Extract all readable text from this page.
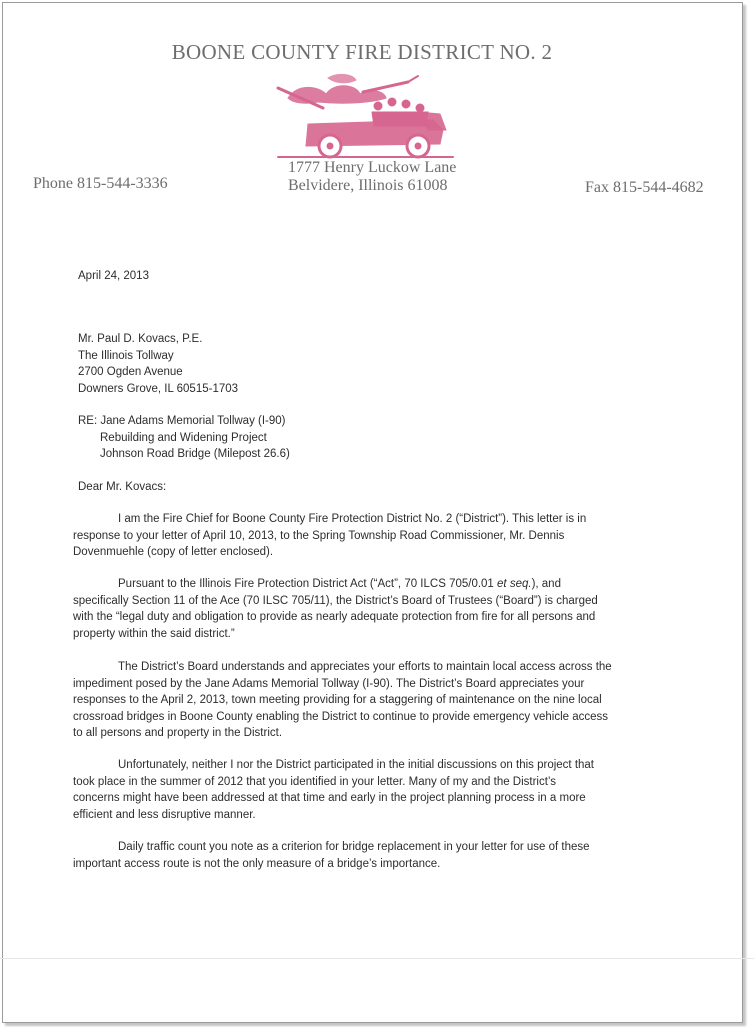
BOONE COUNTY FIRE DISTRICT NO. 2
Phone 815-544-3336
1777 Henry Luckow Lane
Belvidere, Illinois 61008	Fax 815-544-4682
April 24, 2013
Mr. Paul D. Kovacs, P.E.
The Illinois Tollway
2700 Ogden Avenue
Downers Grove, IL 60515-1703
RE: Jane Adams Memorial Tollway (I-90)
Rebuilding and Widening Project
Johnson Road Bridge (Milepost 26.6)
Dear Mr. Kovacs:
I am the Fire Chief for Boone County Fire Protection District No. 2 (“District”). This letter is in
response to your letter of April 10, 2013, to the Spring Township Road Commissioner, Mr. Dennis
Dovenmuehle (copy of letter enclosed).
Pursuant to the Illinois Fire Protection District Act (“Act”, 70 ILCS 705/0.01 et seq.), and
specifically Section 11 of the Ace (70 ILSC 705/11), the District’s Board of Trustees (“Board”) is charged
with the “legal duty and obligation to provide as nearly adequate protection from fire for all persons and
property within the said district.”
The District’s Board understands and appreciates your efforts to maintain local access across the
impediment posed by the Jane Adams Memorial Tollway (I-90). The District’s Board appreciates your
responses to the April 2, 2013, town meeting providing for a staggering of maintenance on the nine local
crossroad bridges in Boone County enabling the District to continue to provide emergency vehicle access
to all persons and property in the District.
Unfortunately, neither I nor the District participated in the initial discussions on this project that
took place in the summer of 2012 that you identified in your letter. Many of my and the District’s
concerns might have been addressed at that time and early in the project planning process in a more
efficient and less disruptive manner.
Daily traffic count you note as a criterion for bridge replacement in your letter for use of these
important access route is not the only measure of a bridge’s importance.
